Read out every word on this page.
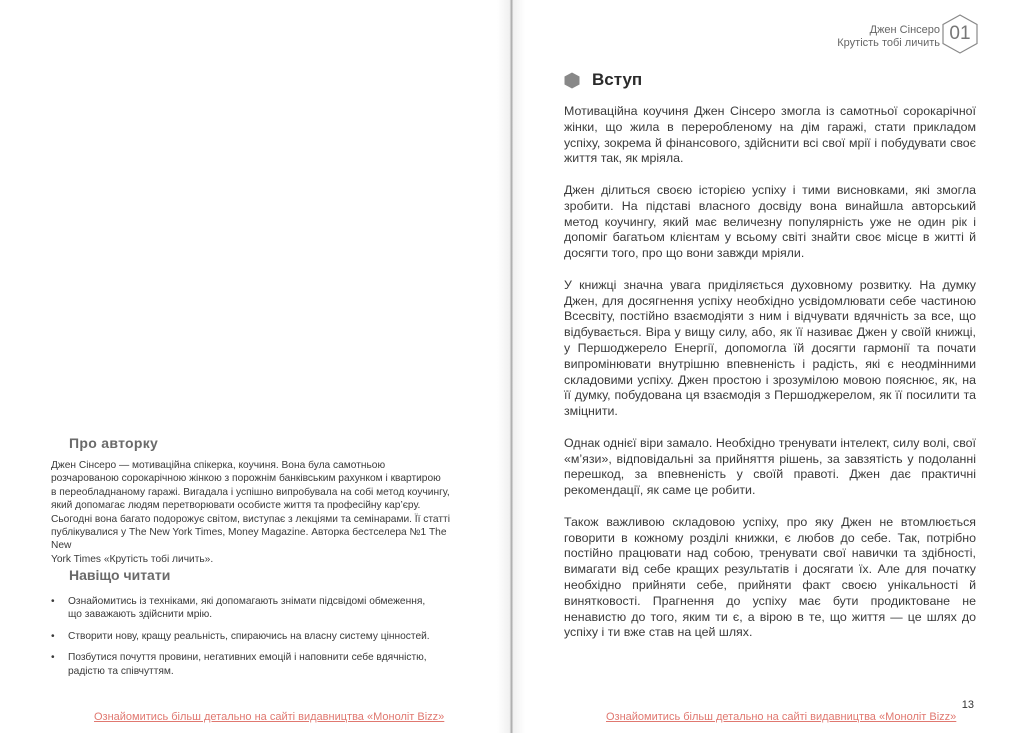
Про авторку
Джен Сінсеро — мотиваційна спікерка, коучиня. Вона була самотньою
розчарованою сорокарічною жінкою з порожнім банківським рахунком і квартирою
в переобладнаному гаражі. Вигадала і успішно випробувала на собі метод коучингу,
який допомагає людям перетворювати особисте життя та професійну кар’єру.
Сьогодні вона багато подорожує світом, виступає з лекціями та семінарами. Її статті
публікувалися у The New York Times, Money Magazine. Авторка бестселера №1 The New
York Times «Крутість тобі личить».
Навіщо читати
• Ознайомитись із техніками, які допомагають знімати підсвідомі обмеження,
що заважають здійснити мрію.
• Створити нову, кращу реальність, спираючись на власну систему цінностей.
• Позбутися почуття провини, негативних емоцій і наповнити себе вдячністю,
радістю та співчуттям.
Ознайомитись більш детально на сайті видавництва «Моноліт Bizz»
Джен Сінсеро
Крутість тобі личить 01
Вступ

Мотиваційна коучиня Джен Сінсеро змогла із самотньої сорокарічної жінки, що жила в переробленому на дім гаражі, стати прикладом успіху, зокрема й фінансового, здійснити всі свої мрії і побудувати своє життя так, як мріяла.

Джен ділиться своєю історією успіху і тими висновками, які змогла зробити. На підставі власного досвіду вона винайшла авторський метод коучингу, який має величезну популярність уже не один рік і допоміг багатьом клієнтам у всьому світі знайти своє місце в житті й досягти того, про що вони завжди мріяли.

У книжці значна увага приділяється духовному розвитку. На думку Джен, для досягнення успіху необхідно усвідомлювати себе частиною Всесвіту, постійно взаємодіяти з ним і відчувати вдячність за все, що відбувається. Віра у вищу силу, або, як її називає Джен у своїй книжці, у Першоджерело Енергії, допомогла їй досягти гармонії та почати випромінювати внутрішню впевненість і радість, які є неодмінними складовими успіху. Джен простою і зрозумілою мовою пояснює, як, на її думку, побудована ця взаємодія з Першоджерелом, як її посилити та зміцнити.

Однак однієї віри замало. Необхідно тренувати інтелект, силу волі, свої «м’язи», відповідальні за прийняття рішень, за завзятість у подоланні перешкод, за впевненість у своїй правоті. Джен дає практичні рекомендації, як саме це робити.

Також важливою складовою успіху, про яку Джен не втомлюється говорити в кожному розділі книжки, є любов до себе. Так, потрібно постійно працювати над собою, тренувати свої навички та здібності, вимагати від себе кращих результатів і досягати їх. Але для початку необхідно прийняти себе, прийняти факт своєю унікальності й винятковості. Прагнення до успіху має бути продиктоване не ненавистю до того, яким ти є, а вірою в те, що життя — це шлях до успіху і ти вже став на цей шлях.

13
Ознайомитись більш детально на сайті видавництва «Моноліт Bizz»
